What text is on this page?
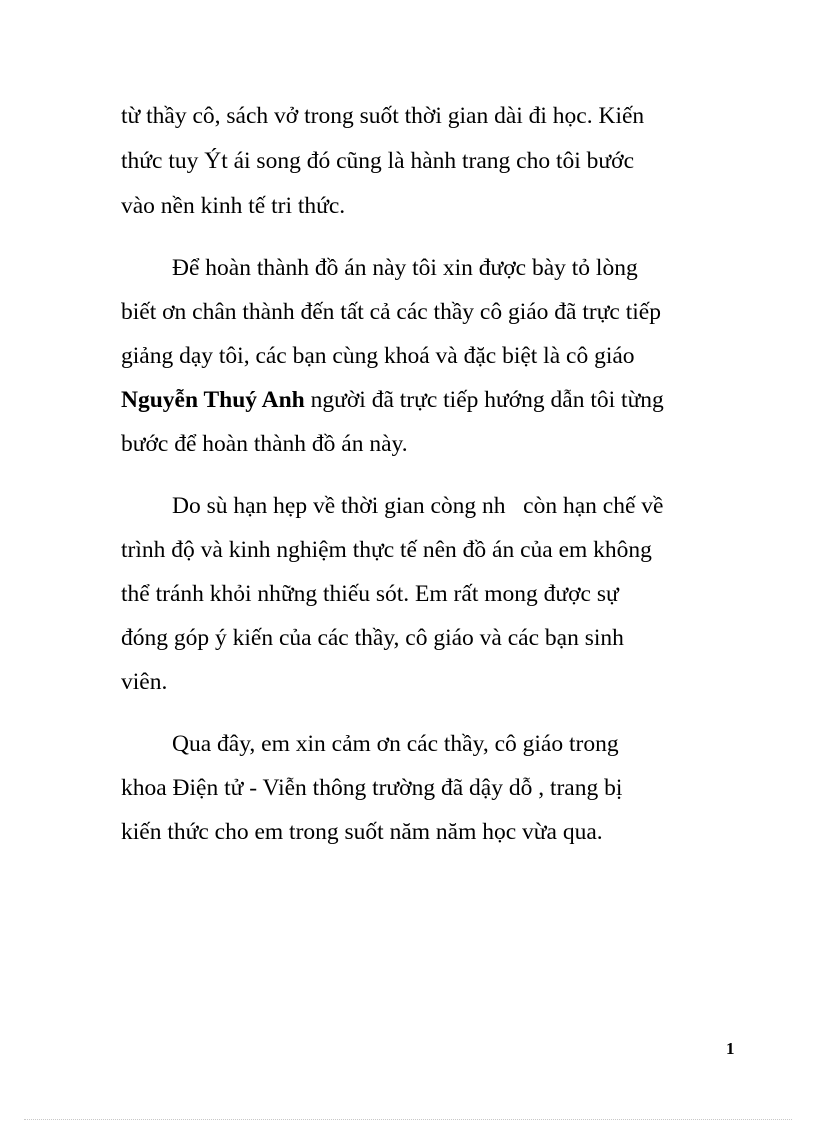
từ thầy cô, sách vở trong suốt thời gian dài đi học. Kiến
thức tuy Ýt ái song đó cũng là hành trang cho tôi bước
vào nền kinh tế tri thức.
Để hoàn thành đồ án này tôi xin được bày tỏ lòng
biết ơn chân thành đến tất cả các thầy cô giáo đã trực tiếp
giảng dạy tôi, các bạn cùng khoá và đặc biệt là cô giáo
Nguyễn Thuý Anh người đã trực tiếp hướng dẫn tôi từng
bước để hoàn thành đồ án này.
Do sù hạn hẹp về thời gian còng nh   còn hạn chế về
trình độ và kinh nghiệm thực tế nên đồ án của em không
thể tránh khỏi những thiếu sót. Em rất mong được sự
đóng góp ý kiến của các thầy, cô giáo và các bạn sinh
viên.
Qua đây, em xin cảm ơn các thầy, cô giáo trong
khoa Điện tử - Viễn thông trường đã dậy dỗ , trang bị
kiến thức cho em trong suốt năm năm học vừa qua.
1
